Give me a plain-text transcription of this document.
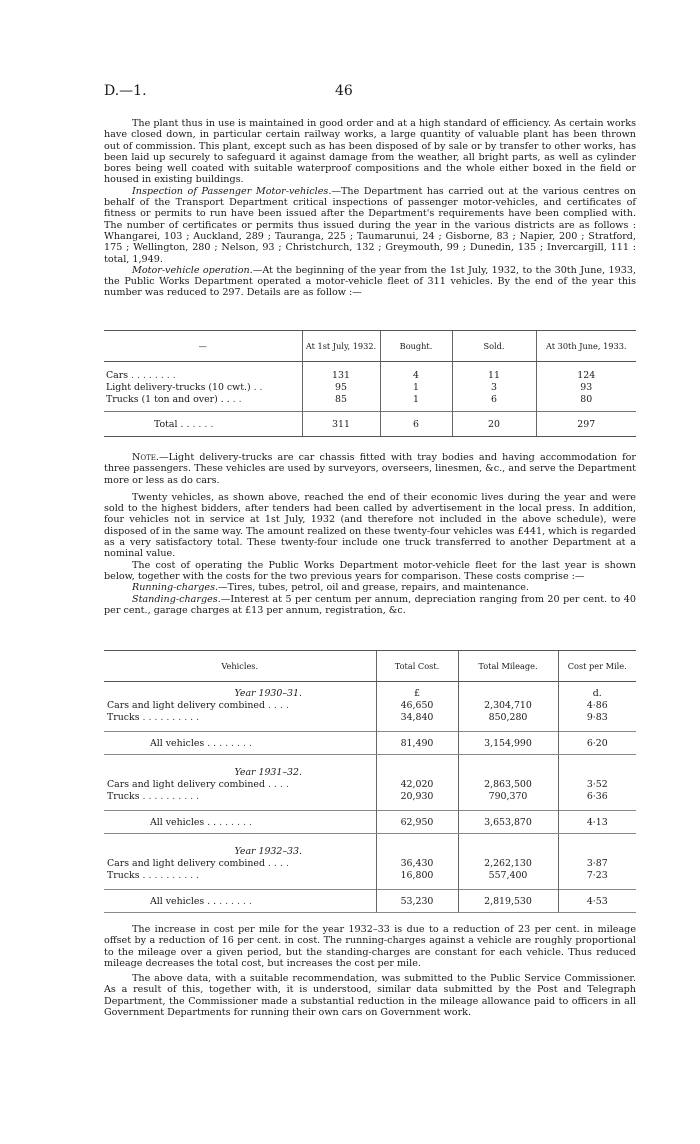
D.—1.	46

The plant thus in use is maintained in good order and at a high standard of efficiency. As certain works have closed down, in particular certain railway works, a large quantity of valuable plant has been thrown out of commission. This plant, except such as has been disposed of by sale or by transfer to other works, has been laid up securely to safeguard it against damage from the weather, all bright parts, as well as cylinder bores being well coated with suitable waterproof compositions and the whole either boxed in the field or housed in existing buildings.

Inspection of Passenger Motor-vehicles.—The Department has carried out at the various centres on behalf of the Transport Department critical inspections of passenger motor-vehicles, and certificates of fitness or permits to run have been issued after the Department's requirements have been complied with. The number of certificates or permits thus issued during the year in the various districts are as follows : Whangarei, 103 ; Auckland, 289 ; Tauranga, 225 ; Taumarunui, 24 ; Gisborne, 83 ; Napier, 200 ; Stratford, 175 ; Wellington, 280 ; Nelson, 93 ; Christchurch, 132 ; Greymouth, 99 ; Dunedin, 135 ; Invercargill, 111 : total, 1,949.

Motor-vehicle operation.—At the beginning of the year from the 1st July, 1932, to the 30th June, 1933, the Public Works Department operated a motor-vehicle fleet of 311 vehicles. By the end of the year this number was reduced to 297. Details are as follow :—

—	At 1st July, 1932.	Bought.	Sold.	At 30th June, 1933.

Cars . . . . . . . .	131	4	11	124
Light delivery-trucks (10 cwt.) . .	95	1	3	93
Trucks (1 ton and over) . . . .	85	1	6	80

Total . . . . . .	311	6	20	297

Note.—Light delivery-trucks are car chassis fitted with tray bodies and having accommodation for three passengers. These vehicles are used by surveyors, overseers, linesmen, &c., and serve the Department more or less as do cars.

Twenty vehicles, as shown above, reached the end of their economic lives during the year and were sold to the highest bidders, after tenders had been called by advertisement in the local press. In addition, four vehicles not in service at 1st July, 1932 (and therefore not included in the above schedule), were disposed of in the same way. The amount realized on these twenty-four vehicles was £441, which is regarded as a very satisfactory total. These twenty-four include one truck transferred to another Department at a nominal value.

The cost of operating the Public Works Department motor-vehicle fleet for the last year is shown below, together with the costs for the two previous years for comparison. These costs comprise :—

Running-charges.—Tires, tubes, petrol, oil and grease, repairs, and maintenance.

Standing-charges.—Interest at 5 per centum per annum, depreciation ranging from 20 per cent. to 40 per cent., garage charges at £13 per annum, registration, &c.

Vehicles.	Total Cost.	Total Mileage.	Cost per Mile.

Year 1930–31.	£		d.
Cars and light delivery combined . . . .	46,650	2,304,710	4·86
Trucks . . . . . . . . . .	34,840	850,280	9·83

All vehicles . . . . . . . .	81,490	3,154,990	6·20

Year 1931–32.			
Cars and light delivery combined . . . .	42,020	2,863,500	3·52
Trucks . . . . . . . . . .	20,930	790,370	6·36

All vehicles . . . . . . . .	62,950	3,653,870	4·13

Year 1932–33.			
Cars and light delivery combined . . . .	36,430	2,262,130	3·87
Trucks . . . . . . . . . .	16,800	557,400	7·23

All vehicles . . . . . . . .	53,230	2,819,530	4·53

The increase in cost per mile for the year 1932–33 is due to a reduction of 23 per cent. in mileage offset by a reduction of 16 per cent. in cost. The running-charges against a vehicle are roughly proportional to the mileage over a given period, but the standing-charges are constant for each vehicle. Thus reduced mileage decreases the total cost, but increases the cost per mile.

The above data, with a suitable recommendation, was submitted to the Public Service Commissioner. As a result of this, together with, it is understood, similar data submitted by the Post and Telegraph Department, the Commissioner made a substantial reduction in the mileage allowance paid to officers in all Government Departments for running their own cars on Government work.
